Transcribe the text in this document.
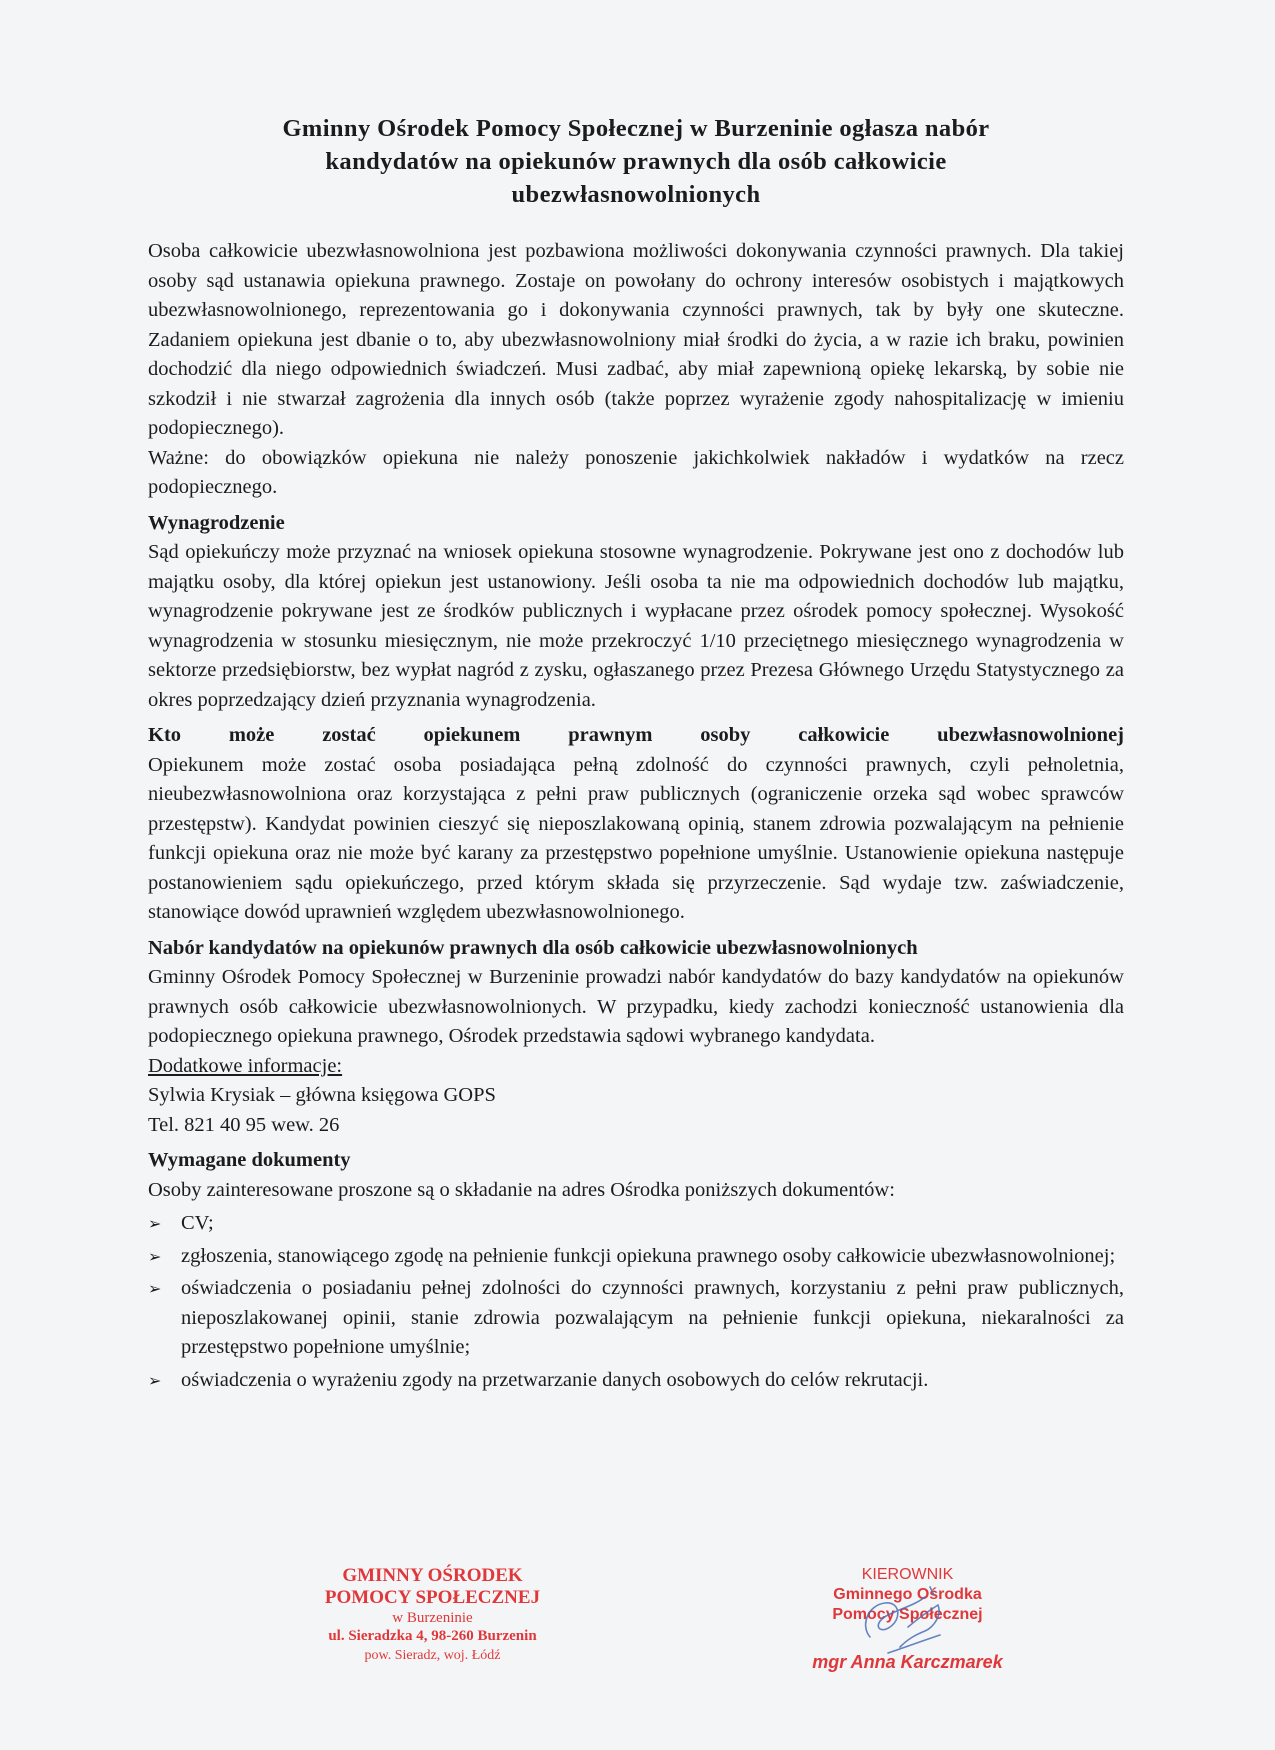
Gminny Ośrodek Pomocy Społecznej w Burzeninie ogłasza nabór
kandydatów na opiekunów prawnych dla osób całkowicie
ubezwłasnowolnionych

Osoba całkowicie ubezwłasnowolniona jest pozbawiona możliwości dokonywania czynności prawnych. Dla takiej osoby sąd ustanawia opiekuna prawnego. Zostaje on powołany do ochrony interesów osobistych i majątkowych ubezwłasnowolnionego, reprezentowania go i dokonywania czynności prawnych, tak by były one skuteczne. Zadaniem opiekuna jest dbanie o to, aby ubezwłasnowolniony miał środki do życia, a w razie ich braku, powinien dochodzić dla niego odpowiednich świadczeń. Musi zadbać, aby miał zapewnioną opiekę lekarską, by sobie nie szkodził i nie stwarzał zagrożenia dla innych osób (także poprzez wyrażenie zgody nahospitalizację w imieniu podopiecznego).

Ważne: do obowiązków opiekuna nie należy ponoszenie jakichkolwiek nakładów i wydatków na rzecz podopiecznego.

Wynagrodzenie

Sąd opiekuńczy może przyznać na wniosek opiekuna stosowne wynagrodzenie. Pokrywane jest ono z dochodów lub majątku osoby, dla której opiekun jest ustanowiony. Jeśli osoba ta nie ma odpowiednich dochodów lub majątku, wynagrodzenie pokrywane jest ze środków publicznych i wypłacane przez ośrodek pomocy społecznej. Wysokość wynagrodzenia w stosunku miesięcznym, nie może przekroczyć 1/10 przeciętnego miesięcznego wynagrodzenia w sektorze przedsiębiorstw, bez wypłat nagród z zysku, ogłaszanego przez Prezesa Głównego Urzędu Statystycznego za okres poprzedzający dzień przyznania wynagrodzenia.

Kto może zostać opiekunem prawnym osoby całkowicie ubezwłasnowolnionej

Opiekunem może zostać osoba posiadająca pełną zdolność do czynności prawnych, czyli pełnoletnia, nieubezwłasnowolniona oraz korzystająca z pełni praw publicznych (ograniczenie orzeka sąd wobec sprawców przestępstw). Kandydat powinien cieszyć się nieposzlakowaną opinią, stanem zdrowia pozwalającym na pełnienie funkcji opiekuna oraz nie może być karany za przestępstwo popełnione umyślnie. Ustanowienie opiekuna następuje postanowieniem sądu opiekuńczego, przed którym składa się przyrzeczenie. Sąd wydaje tzw. zaświadczenie, stanowiące dowód uprawnień względem ubezwłasnowolnionego.

Nabór kandydatów na opiekunów prawnych dla osób całkowicie ubezwłasnowolnionych

Gminny Ośrodek Pomocy Społecznej w Burzeninie prowadzi nabór kandydatów do bazy kandydatów na opiekunów prawnych osób całkowicie ubezwłasnowolnionych. W przypadku, kiedy zachodzi konieczność ustanowienia dla podopiecznego opiekuna prawnego, Ośrodek przedstawia sądowi wybranego kandydata.

Dodatkowe informacje:

Sylwia Krysiak – główna księgowa GOPS

Tel. 821 40 95 wew. 26

Wymagane dokumenty

Osoby zainteresowane proszone są o składanie na adres Ośrodka poniższych dokumentów:

➢ CV;
➢ zgłoszenia, stanowiącego zgodę na pełnienie funkcji opiekuna prawnego osoby całkowicie ubezwłasnowolnionej;
➢ oświadczenia o posiadaniu pełnej zdolności do czynności prawnych, korzystaniu z pełni praw publicznych, nieposzlakowanej opinii, stanie zdrowia pozwalającym na pełnienie funkcji opiekuna, niekaralności za przestępstwo popełnione umyślnie;
➢ oświadczenia o wyrażeniu zgody na przetwarzanie danych osobowych do celów rekrutacji.
GMINNY OŚRODEK
POMOCY SPOŁECZNEJ
w Burzeninie
ul. Sieradzka 4, 98-260 Burzenin
pow. Sieradz, woj. Łódź
KIEROWNIK
Gminnego Ośrodka
Pomocy Społecznej
mgr Anna Karczmarek
